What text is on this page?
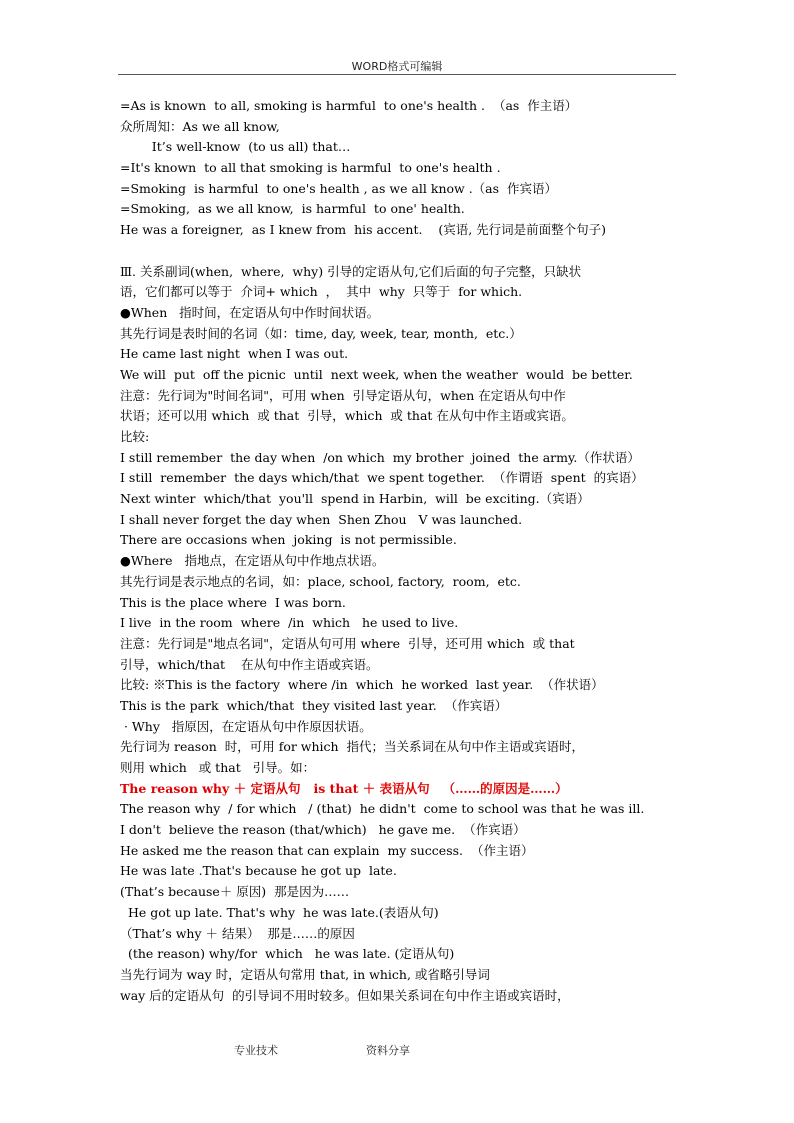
WORD格式可编辑
=As is known  to all, smoking is harmful  to one's health .  （as  作主语）
众所周知：As we all know,
It’s well-know  (to us all) that…
=It's known  to all that smoking is harmful  to one's health .
=Smoking  is harmful  to one's health , as we all know .（as  作宾语）
=Smoking,  as we all know,  is harmful  to one' health.
He was a foreigner,  as I knew from  his accent.    (宾语, 先行词是前面整个句子)
Ⅲ. 关系副词(when,  where,  why) 引导的定语从句,它们后面的句子完整，只缺状
语，它们都可以等于  介词+ which  ，  其中  why  只等于  for which.
●When   指时间，在定语从句中作时间状语。
其先行词是表时间的名词（如：time, day, week, tear, month,  etc.）
He came last night  when I was out.
We will  put  off the picnic  until  next week, when the weather  would  be better.
注意：先行词为"时间名词"，可用 when  引导定语从句，when 在定语从句中作
状语；还可以用 which  或 that  引导，which  或 that 在从句中作主语或宾语。
比较:
I still remember  the day when  /on which  my brother  joined  the army.（作状语）
I still  remember  the days which/that  we spent together.  （作谓语  spent  的宾语）
Next winter  which/that  you'll  spend in Harbin,  will  be exciting.（宾语）
I shall never forget the day when  Shen Zhou   Ⅴ was launched.
There are occasions when  joking  is not permissible.
●Where   指地点，在定语从句中作地点状语。
其先行词是表示地点的名词，如：place, school, factory,  room,  etc.
This is the place where  I was born.
I live  in the room  where  /in  which   he used to live.
注意：先行词是"地点名词"，定语从句可用 where  引导，还可用 which  或 that
引导，which/that    在从句中作主语或宾语。
比较: ※This is the factory  where /in  which  he worked  last year.  （作状语）
This is the park  which/that  they visited last year.  （作宾语）
· Why   指原因，在定语从句中作原因状语。
先行词为 reason  时，可用 for which  指代；当关系词在从句中作主语或宾语时，
则用 which   或 that   引导。如：
The reason why ＋ 定语从句   is that ＋ 表语从句   （……的原因是……）
The reason why  / for which   / (that)  he didn't  come to school was that he was ill.
I don't  believe the reason (that/which)   he gave me.  （作宾语）
He asked me the reason that can explain  my success.  （作主语）
He was late .That's because he got up  late.
(That’s because＋ 原因)  那是因为……
He got up late. That's why  he was late.(表语从句)
（That’s why ＋ 结果）  那是……的原因
(the reason) why/for  which   he was late. (定语从句)
当先行词为 way 时，定语从句常用 that, in which, 或省略引导词
way 后的定语从句  的引导词不用时较多。但如果关系词在句中作主语或宾语时，
专业技术	资料分享
